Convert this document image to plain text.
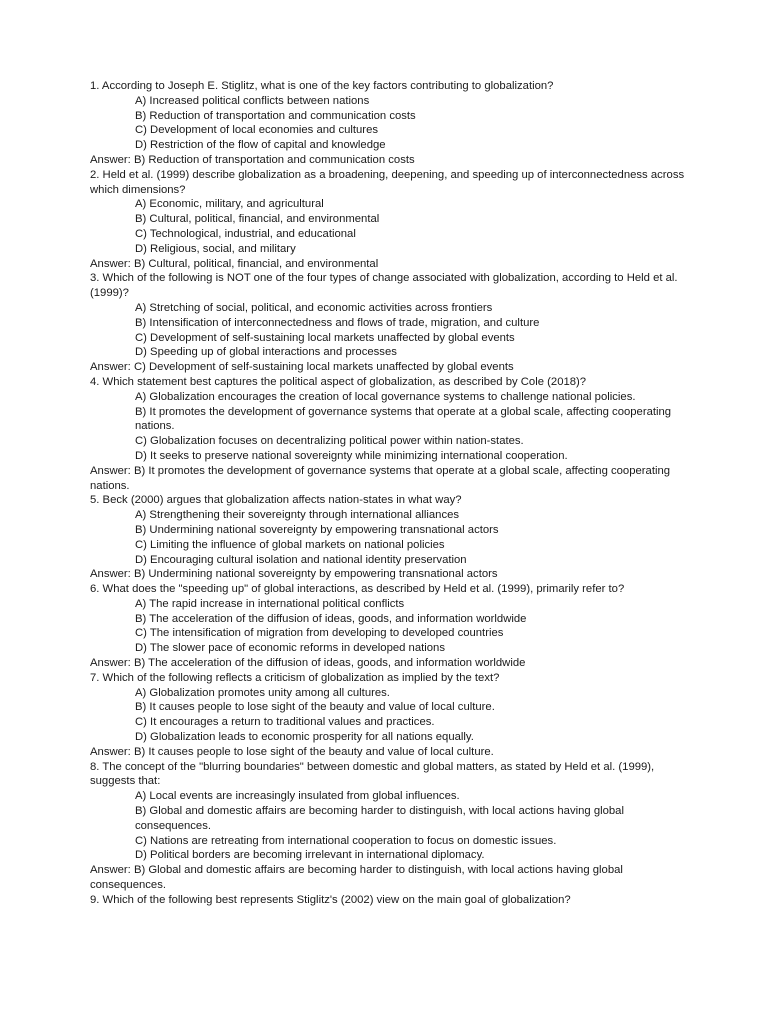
1. According to Joseph E. Stiglitz, what is one of the key factors contributing to globalization?

A) Increased political conflicts between nations

B) Reduction of transportation and communication costs

C) Development of local economies and cultures

D) Restriction of the flow of capital and knowledge

Answer: B) Reduction of transportation and communication costs

2. Held et al. (1999) describe globalization as a broadening, deepening, and speeding up of interconnectedness across which dimensions?

A) Economic, military, and agricultural

B) Cultural, political, financial, and environmental

C) Technological, industrial, and educational

D) Religious, social, and military

Answer: B) Cultural, political, financial, and environmental

3. Which of the following is NOT one of the four types of change associated with globalization, according to Held et al. (1999)?

A) Stretching of social, political, and economic activities across frontiers

B) Intensification of interconnectedness and flows of trade, migration, and culture

C) Development of self-sustaining local markets unaffected by global events

D) Speeding up of global interactions and processes

Answer: C) Development of self-sustaining local markets unaffected by global events

4. Which statement best captures the political aspect of globalization, as described by Cole (2018)?

A) Globalization encourages the creation of local governance systems to challenge national policies.

B) It promotes the development of governance systems that operate at a global scale, affecting cooperating nations.

C) Globalization focuses on decentralizing political power within nation-states.

D) It seeks to preserve national sovereignty while minimizing international cooperation.

Answer: B) It promotes the development of governance systems that operate at a global scale, affecting cooperating nations.

5. Beck (2000) argues that globalization affects nation-states in what way?

A) Strengthening their sovereignty through international alliances

B) Undermining national sovereignty by empowering transnational actors

C) Limiting the influence of global markets on national policies

D) Encouraging cultural isolation and national identity preservation

Answer: B) Undermining national sovereignty by empowering transnational actors

6. What does the "speeding up" of global interactions, as described by Held et al. (1999), primarily refer to?

A) The rapid increase in international political conflicts

B) The acceleration of the diffusion of ideas, goods, and information worldwide

C) The intensification of migration from developing to developed countries

D) The slower pace of economic reforms in developed nations

Answer: B) The acceleration of the diffusion of ideas, goods, and information worldwide

7. Which of the following reflects a criticism of globalization as implied by the text?

A) Globalization promotes unity among all cultures.

B) It causes people to lose sight of the beauty and value of local culture.

C) It encourages a return to traditional values and practices.

D) Globalization leads to economic prosperity for all nations equally.

Answer: B) It causes people to lose sight of the beauty and value of local culture.

8. The concept of the "blurring boundaries" between domestic and global matters, as stated by Held et al. (1999), suggests that:

A) Local events are increasingly insulated from global influences.

B) Global and domestic affairs are becoming harder to distinguish, with local actions having global consequences.

C) Nations are retreating from international cooperation to focus on domestic issues.

D) Political borders are becoming irrelevant in international diplomacy.

Answer: B) Global and domestic affairs are becoming harder to distinguish, with local actions having global consequences.

9. Which of the following best represents Stiglitz's (2002) view on the main goal of globalization?
